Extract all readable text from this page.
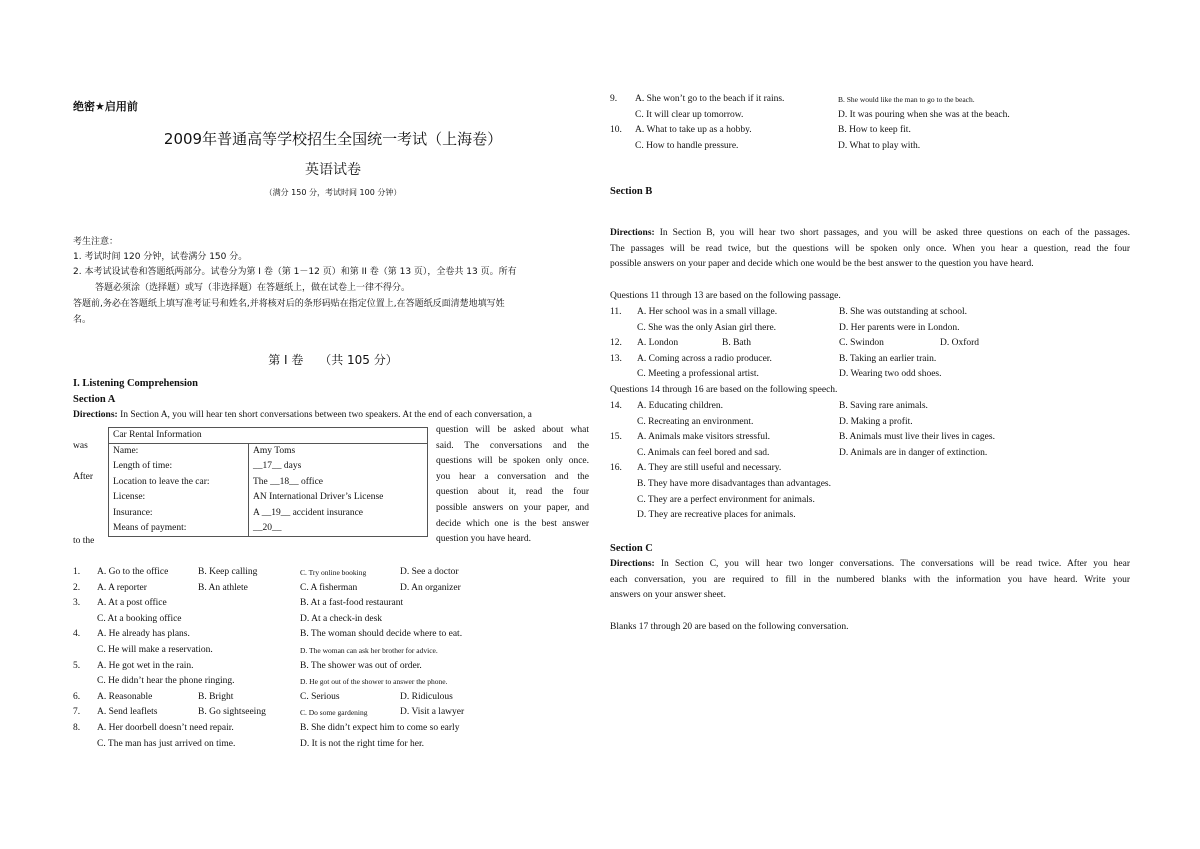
绝密★启用前
2009年普通高等学校招生全国统一考试（上海卷）
英语试卷
（满分 150 分，考试时间 100 分钟）
考生注意：
1. 考试时间 120 分钟，试卷满分 150 分。
2. 本考试设试卷和答题纸两部分。试卷分为第 I 卷（第 1－12 页）和第 II 卷（第 13 页），全卷共 13 页。所有
答题必须涂（选择题）或写（非选择题）在答题纸上，做在试卷上一律不得分。
答题前,务必在答题纸上填写准考证号和姓名,并将核对后的条形码贴在指定位置上,在答题纸反面清楚地填写姓
名。
第 I 卷　 （共 105 分）
I. Listening Comprehension
Section A
Directions: In Section A, you will hear ten short conversations between two speakers. At the end of each conversation, a
was
After
to the
Car Rental Information	
Name:	Amy Toms
Length of time:	__17__ days
Location to leave the car:	The __18__ office
License:	AN International Driver’s License
Insurance:	A __19__ accident insurance
Means of payment:	__20__
question will be asked about what
said. The conversations and the
questions will be spoken only once.
you hear a conversation and the
question about it, read the four
possible answers on your paper, and
decide which one is the best answer
question you have heard.
1. A. Go to the office	B. Keep calling	C. Try online booking	D. See a doctor
2. A. A reporter	B. An athlete	C. A fisherman	D. An organizer
3. A. At a post office	B. At a fast-food restaurant
C. At a booking office	D. At a check-in desk
4. A. He already has plans.	B. The woman should decide where to eat.
C. He will make a reservation.	D. The woman can ask her brother for advice.
5. A. He got wet in the rain.	B. The shower was out of order.
C. He didn’t hear the phone ringing.	D. He got out of the shower to answer the phone.
6. A. Reasonable	B. Bright	C. Serious	D. Ridiculous
7. A. Send leaflets	B. Go sightseeing	C. Do some gardening	D. Visit a lawyer
8. A. Her doorbell doesn’t need repair.	B. She didn’t expect him to come so early
C. The man has just arrived on time.	D. It is not the right time for her.
9. A. She won’t go to the beach if it rains.	B. She would like the man to go to the beach.
C. It will clear up tomorrow.	D. It was pouring when she was at the beach.
10. A. What to take up as a hobby.	B. How to keep fit.
C. How to handle pressure.	D. What to play with.
Section B
Directions: In Section B, you will hear two short passages, and you will be asked three questions on each of the passages.
The passages will be read twice, but the questions will be spoken only once. When you hear a question, read the four
possible answers on your paper and decide which one would be the best answer to the question you have heard.
Questions 11 through 13 are based on the following passage.
11. A. Her school was in a small village.	B. She was outstanding at school.
C. She was the only Asian girl there.	D. Her parents were in London.
12. A. London	B. Bath	C. Swindon	D. Oxford
13. A. Coming across a radio producer.	B. Taking an earlier train.
C. Meeting a professional artist.	D. Wearing two odd shoes.
Questions 14 through 16 are based on the following speech.
14. A. Educating children.	B. Saving rare animals.
C. Recreating an environment.	D. Making a profit.
15. A. Animals make visitors stressful.	B. Animals must live their lives in cages.
C. Animals can feel bored and sad.	D. Animals are in danger of extinction.
16. A. They are still useful and necessary.
B. They have more disadvantages than advantages.
C. They are a perfect environment for animals.
D. They are recreative places for animals.
Section C
Directions: In Section C, you will hear two longer conversations. The conversations will be read twice. After you hear
each conversation, you are required to fill in the numbered blanks with the information you have heard. Write your
answers on your answer sheet.
Blanks 17 through 20 are based on the following conversation.
